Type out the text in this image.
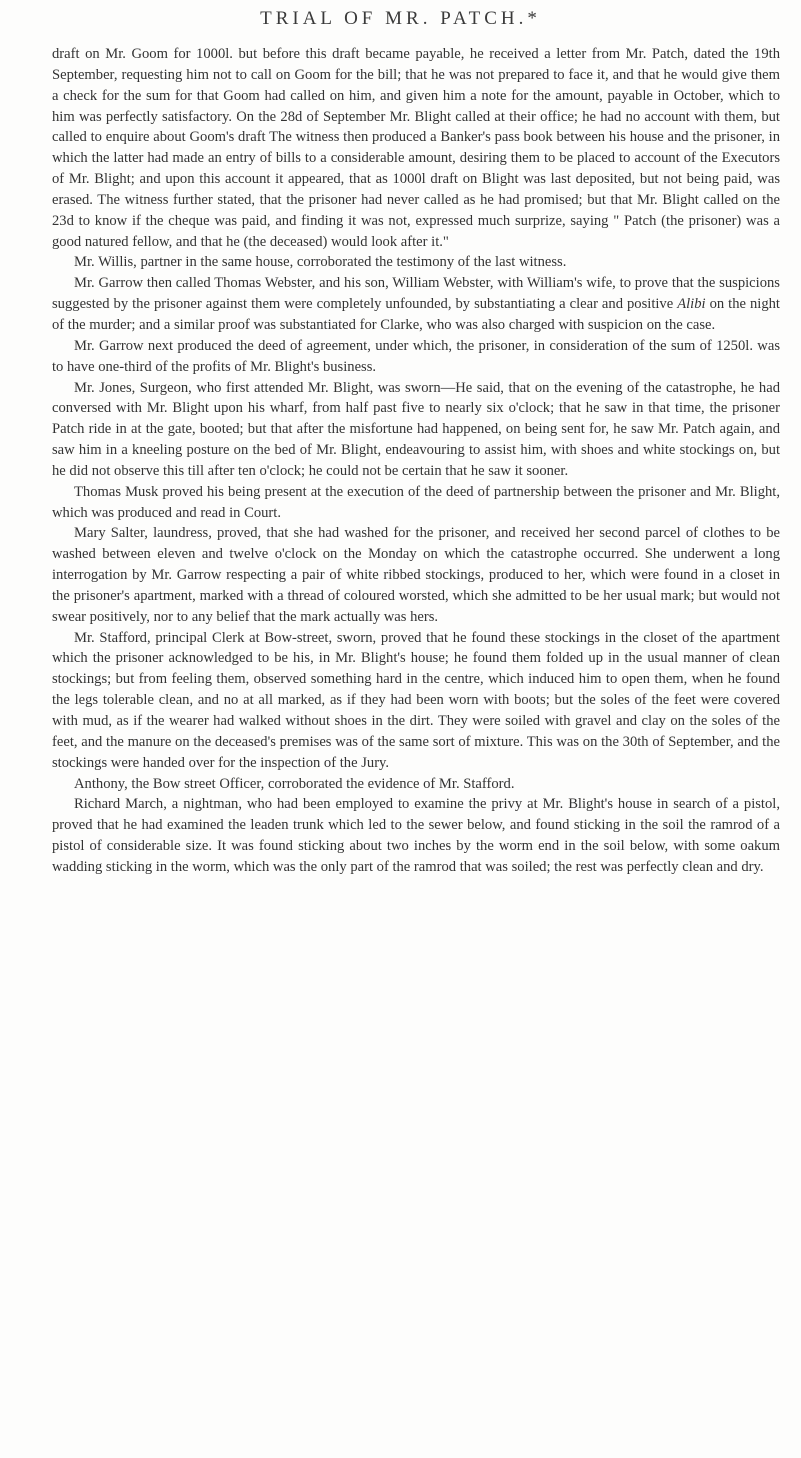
TRIAL OF MR. PATCH.*

draft on Mr. Goom for 1000l. but before this draft became payable, he received a letter from Mr. Patch, dated the 19th September, requesting him not to call on Goom for the bill; that he was not prepared to face it, and that he would give them a check for the sum for that Goom had called on him, and given him a note for the amount, payable in October, which to him was perfectly satisfactory. On the 28d of September Mr. Blight called at their office; he had no account with them, but called to enquire about Goom's draft The witness then produced a Banker's pass book between his house and the prisoner, in which the latter had made an entry of bills to a considerable amount, desiring them to be placed to account of the Executors of Mr. Blight; and upon this account it appeared, that as 1000l draft on Blight was last deposited, but not being paid, was erased. The witness further stated, that the prisoner had never called as he had promised; but that Mr. Blight called on the 23d to know if the cheque was paid, and finding it was not, expressed much surprize, saying " Patch (the prisoner) was a good natured fellow, and that he (the deceased) would look after it."

Mr. Willis, partner in the same house, corroborated the testimony of the last witness.

Mr. Garrow then called Thomas Webster, and his son, William Webster, with William's wife, to prove that the suspicions suggested by the prisoner against them were completely unfounded, by substantiating a clear and positive Alibi on the night of the murder; and a similar proof was substantiated for Clarke, who was also charged with suspicion on the case.

Mr. Garrow next produced the deed of agreement, under which, the prisoner, in consideration of the sum of 1250l. was to have one-third of the profits of Mr. Blight's business.

Mr. Jones, Surgeon, who first attended Mr. Blight, was sworn—He said, that on the evening of the catastrophe, he had conversed with Mr. Blight upon his wharf, from half past five to nearly six o'clock; that he saw in that time, the prisoner Patch ride in at the gate, booted; but that after the misfortune had happened, on being sent for, he saw Mr. Patch again, and saw him in a kneeling posture on the bed of Mr. Blight, endeavouring to assist him, with shoes and white stockings on, but he did not observe this till after ten o'clock; he could not be certain that he saw it sooner.

Thomas Musk proved his being present at the execution of the deed of partnership between the prisoner and Mr. Blight, which was produced and read in Court.

Mary Salter, laundress, proved, that she had washed for the prisoner, and received her second parcel of clothes to be washed between eleven and twelve o'clock on the Monday on which the catastrophe occurred. She underwent a long interrogation by Mr. Garrow respecting a pair of white ribbed stockings, produced to her, which were found in a closet in the prisoner's apartment, marked with a thread of coloured worsted, which she admitted to be her usual mark; but would not swear positively, nor to any belief that the mark actually was hers.

Mr. Stafford, principal Clerk at Bow-street, sworn, proved that he found these stockings in the closet of the apartment which the prisoner acknowledged to be his, in Mr. Blight's house; he found them folded up in the usual manner of clean stockings; but from feeling them, observed something hard in the centre, which induced him to open them, when he found the legs tolerable clean, and no at all marked, as if they had been worn with boots; but the soles of the feet were covered with mud, as if the wearer had walked without shoes in the dirt. They were soiled with gravel and clay on the soles of the feet, and the manure on the deceased's premises was of the same sort of mixture. This was on the 30th of September, and the stockings were handed over for the inspection of the Jury.

Anthony, the Bow street Officer, corroborated the evidence of Mr. Stafford.

Richard March, a nightman, who had been employed to examine the privy at Mr. Blight's house in search of a pistol, proved that he had examined the leaden trunk which led to the sewer below, and found sticking in the soil the ramrod of a pistol of considerable size. It was found sticking about two inches by the worm end in the soil below, with some oakum wadding sticking in the worm, which was the only part of the ramrod that was soiled; the rest was perfectly clean and dry.
